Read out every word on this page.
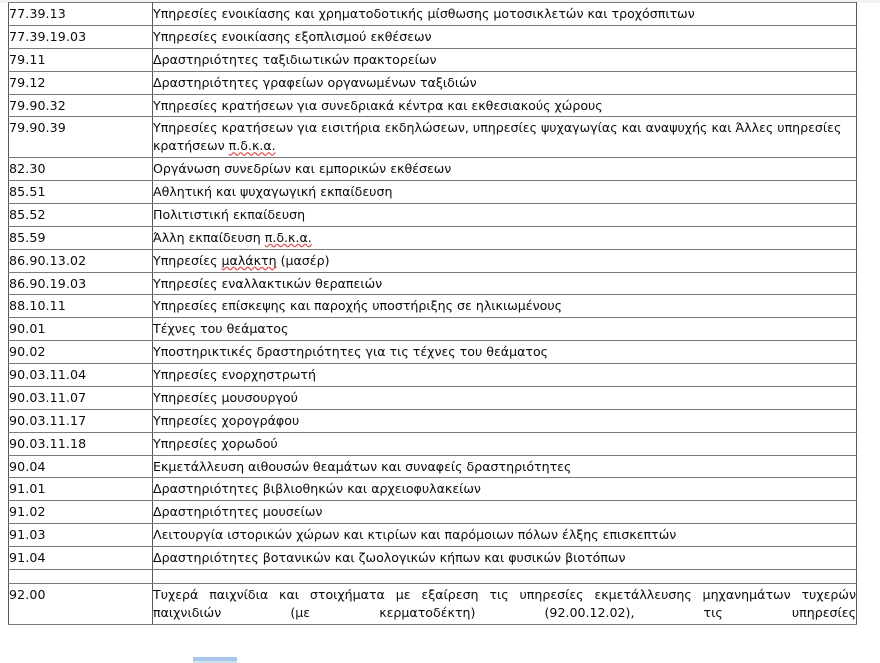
77.39.13	Υπηρεσίες ενοικίασης και χρηματοδοτικής μίσθωσης μοτοσικλετών και τροχόσπιτων
77.39.19.03	Υπηρεσίες ενοικίασης εξοπλισμού εκθέσεων
79.11	Δραστηριότητες ταξιδιωτικών πρακτορείων
79.12	Δραστηριότητες γραφείων οργανωμένων ταξιδιών
79.90.32	Υπηρεσίες κρατήσεων για συνεδριακά κέντρα και εκθεσιακούς χώρους
79.90.39	Υπηρεσίες κρατήσεων για εισιτήρια εκδηλώσεων, υπηρεσίες ψυχαγωγίας και αναψυχής και Άλλες υπηρεσίες κρατήσεων π.δ.κ.α.
82.30	Οργάνωση συνεδρίων και εμπορικών εκθέσεων
85.51	Αθλητική και ψυχαγωγική εκπαίδευση
85.52	Πολιτιστική εκπαίδευση
85.59	Άλλη εκπαίδευση π.δ.κ.α.
86.90.13.02	Υπηρεσίες μαλάκτη (μασέρ)
86.90.19.03	Υπηρεσίες εναλλακτικών θεραπειών
88.10.11	Υπηρεσίες επίσκεψης και παροχής υποστήριξης σε ηλικιωμένους
90.01	Τέχνες του θεάματος
90.02	Υποστηρικτικές δραστηριότητες για τις τέχνες του θεάματος
90.03.11.04	Υπηρεσίες ενορχηστρωτή
90.03.11.07	Υπηρεσίες μουσουργού
90.03.11.17	Υπηρεσίες χορογράφου
90.03.11.18	Υπηρεσίες χορωδού
90.04	Εκμετάλλευση αιθουσών θεαμάτων και συναφείς δραστηριότητες
91.01	Δραστηριότητες βιβλιοθηκών και αρχειοφυλακείων
91.02	Δραστηριότητες μουσείων
91.03	Λειτουργία ιστορικών χώρων και κτιρίων και παρόμοιων πόλων έλξης επισκεπτών
91.04	Δραστηριότητες βοτανικών και ζωολογικών κήπων και φυσικών βιοτόπων

92.00	Τυχερά παιχνίδια και στοιχήματα με εξαίρεση τις υπηρεσίες εκμετάλλευσης μηχανημάτων τυχερών παιχνιδιών (με κερματοδέκτη) (92.00.12.02), τις υπηρεσίες
